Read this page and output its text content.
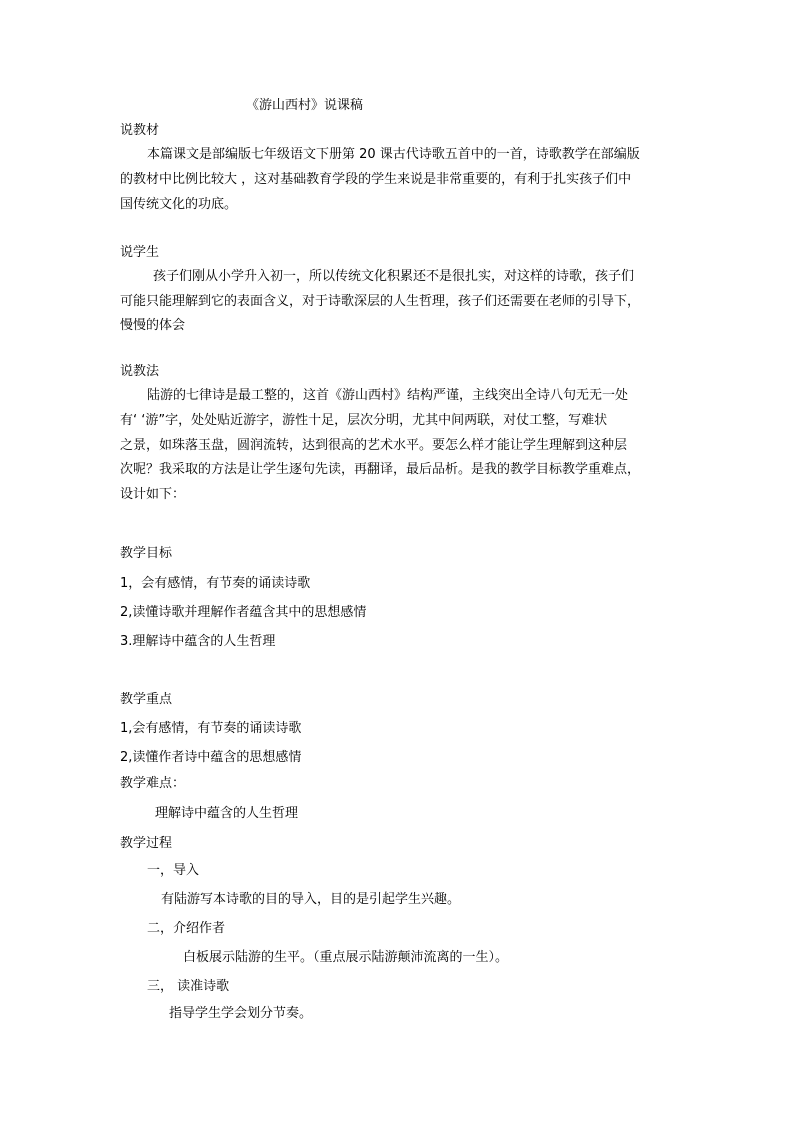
《游山西村》说课稿

说教材

本篇课文是部编版七年级语文下册第 20 课古代诗歌五首中的一首，诗歌教学在部编版

的教材中比例比较大 ，这对基础教育学段的学生来说是非常重要的，有利于扎实孩子们中

国传统文化的功底。

说学生

孩子们刚从小学升入初一，所以传统文化积累还不是很扎实，对这样的诗歌，孩子们

可能只能理解到它的表面含义，对于诗歌深层的人生哲理，孩子们还需要在老师的引导下，

慢慢的体会

说教法

陆游的七律诗是最工整的，这首《游山西村》结构严谨，主线突出全诗八句无无一处

有‘ ‘游”字，处处贴近游字，游性十足，层次分明，尤其中间两联，对仗工整，写难状

之景，如珠落玉盘，圆润流转，达到很高的艺术水平。要怎么样才能让学生理解到这种层

次呢？我采取的方法是让学生逐句先读，再翻译，最后品析。是我的教学目标教学重难点，

设计如下：

教学目标

1，会有感情，有节奏的诵读诗歌

2,读懂诗歌并理解作者蕴含其中的思想感情

3.理解诗中蕴含的人生哲理

教学重点

1,会有感情，有节奏的诵读诗歌

2,读懂作者诗中蕴含的思想感情

教学难点：

理解诗中蕴含的人生哲理

教学过程

一，导入

有陆游写本诗歌的目的导入，目的是引起学生兴趣。

二，介绍作者

白板展示陆游的生平。（重点展示陆游颠沛流离的一生）。

三， 读准诗歌

指导学生学会划分节奏。
